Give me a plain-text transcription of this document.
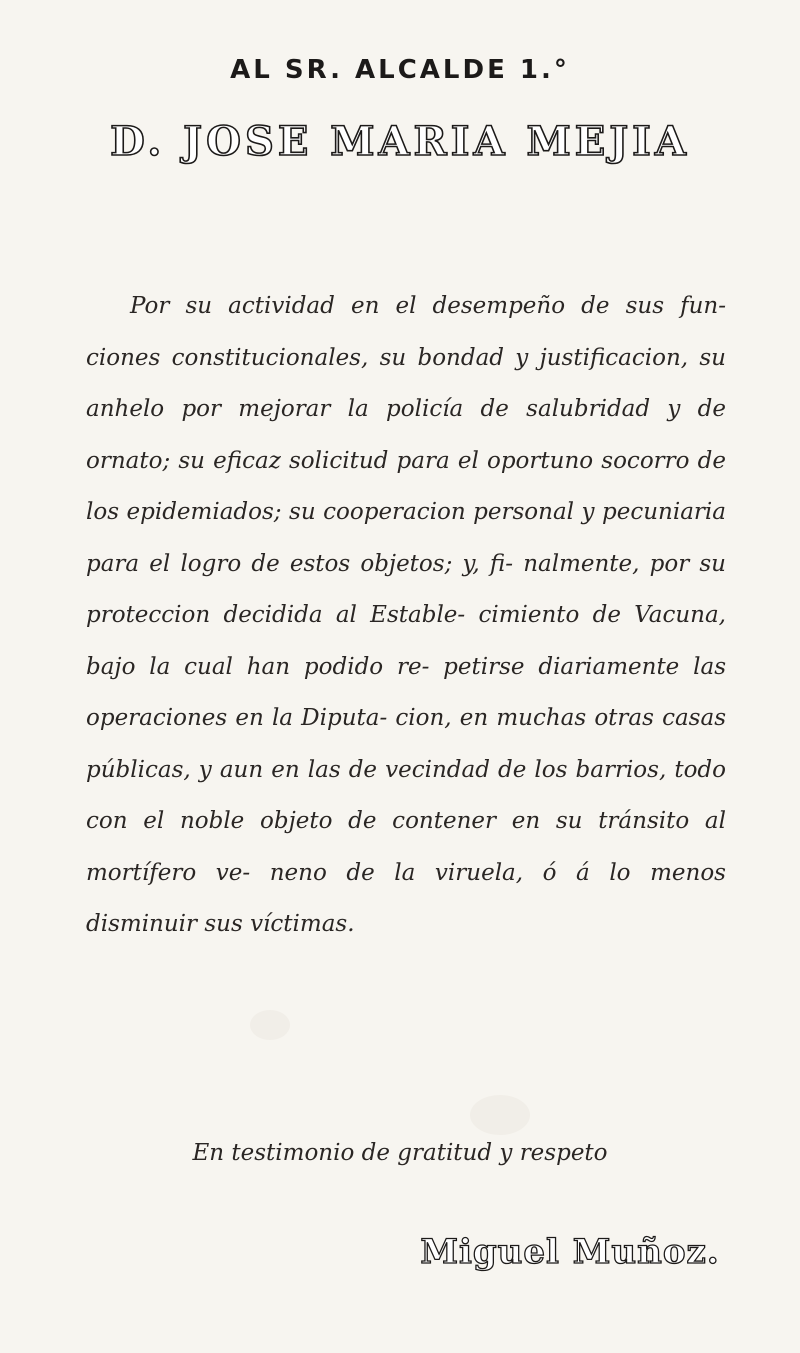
AL SR. ALCALDE 1.°
D. JOSE MARIA MEJIA

Por su actividad en el desempeño de sus fun- ciones constitucionales, su bondad y justificacion, su anhelo por mejorar la policía de salubridad y de ornato; su eficaz solicitud para el oportuno socorro de los epidemiados; su cooperacion personal y pecuniaria para el logro de estos objetos; y, fi- nalmente, por su proteccion decidida al Estable- cimiento de Vacuna, bajo la cual han podido re- petirse diariamente las operaciones en la Diputa- cion, en muchas otras casas públicas, y aun en las de vecindad de los barrios, todo con el noble objeto de contener en su tránsito al mortífero ve- neno de la viruela, ó á lo menos disminuir sus víctimas.

En testimonio de gratitud y respeto
Miguel Muñoz.
